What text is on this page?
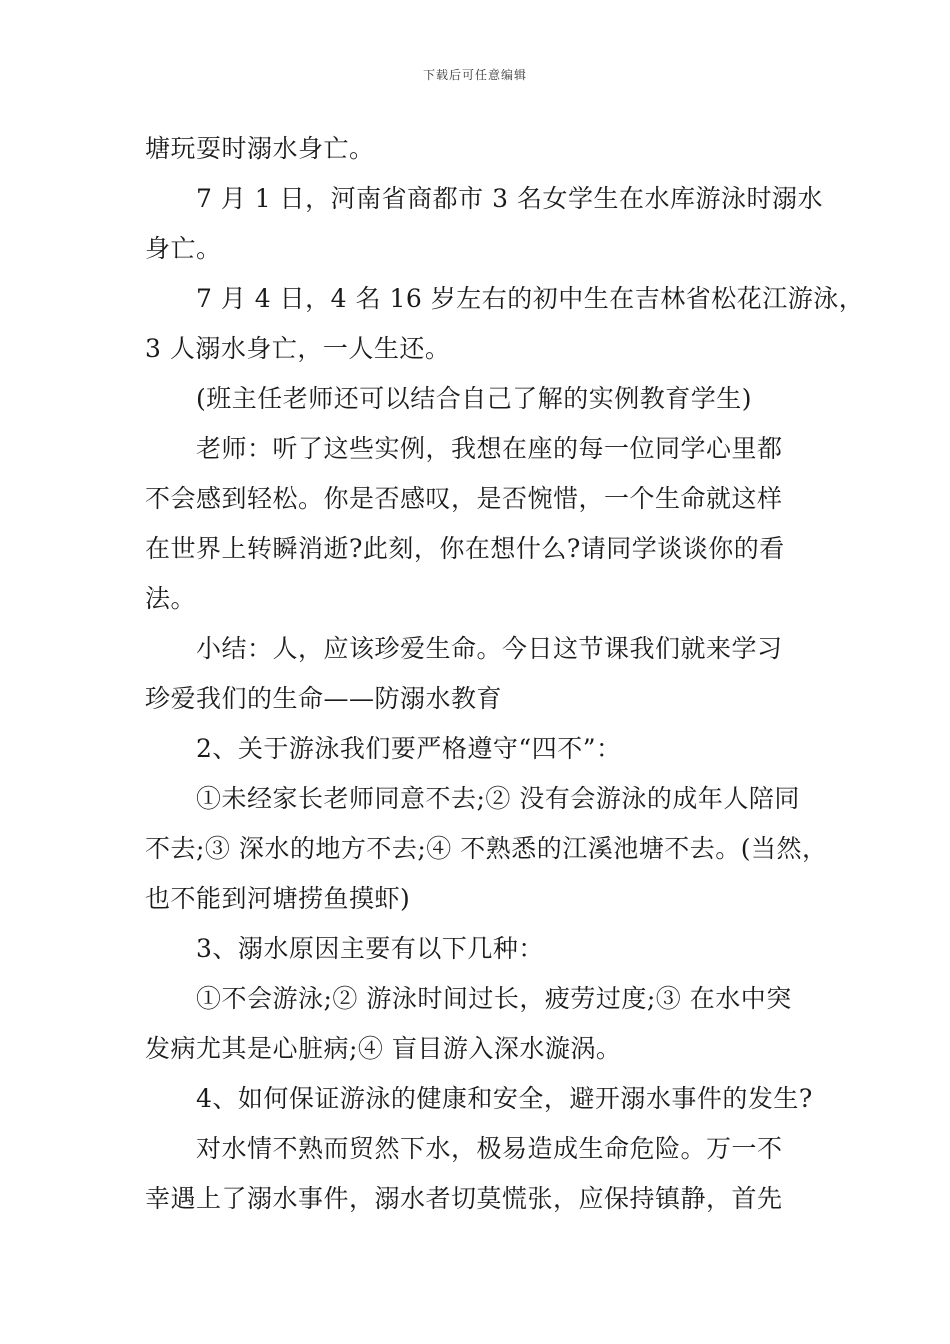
下载后可任意编辑
塘玩耍时溺水身亡。
　　7 月 1 日，河南省商都市 3 名女学生在水库游泳时溺水
身亡。
　　7 月 4 日，4 名 16 岁左右的初中生在吉林省松花江游泳，
3 人溺水身亡，一人生还。
　　(班主任老师还可以结合自己了解的实例教育学生)
　　老师：听了这些实例，我想在座的每一位同学心里都
不会感到轻松。你是否感叹，是否惋惜，一个生命就这样
在世界上转瞬消逝?此刻，你在想什么?请同学谈谈你的看
法。
　　小结：人，应该珍爱生命。今日这节课我们就来学习
珍爱我们的生命——防溺水教育
　　2、关于游泳我们要严格遵守“四不”：
　　①未经家长老师同意不去;② 没有会游泳的成年人陪同
不去;③ 深水的地方不去;④ 不熟悉的江溪池塘不去。(当然，
也不能到河塘捞鱼摸虾)
　　3、溺水原因主要有以下几种：
　　①不会游泳;② 游泳时间过长，疲劳过度;③ 在水中突
发病尤其是心脏病;④ 盲目游入深水漩涡。
　　4、如何保证游泳的健康和安全，避开溺水事件的发生?
　　对水情不熟而贸然下水，极易造成生命危险。万一不
幸遇上了溺水事件，溺水者切莫慌张，应保持镇静，首先
